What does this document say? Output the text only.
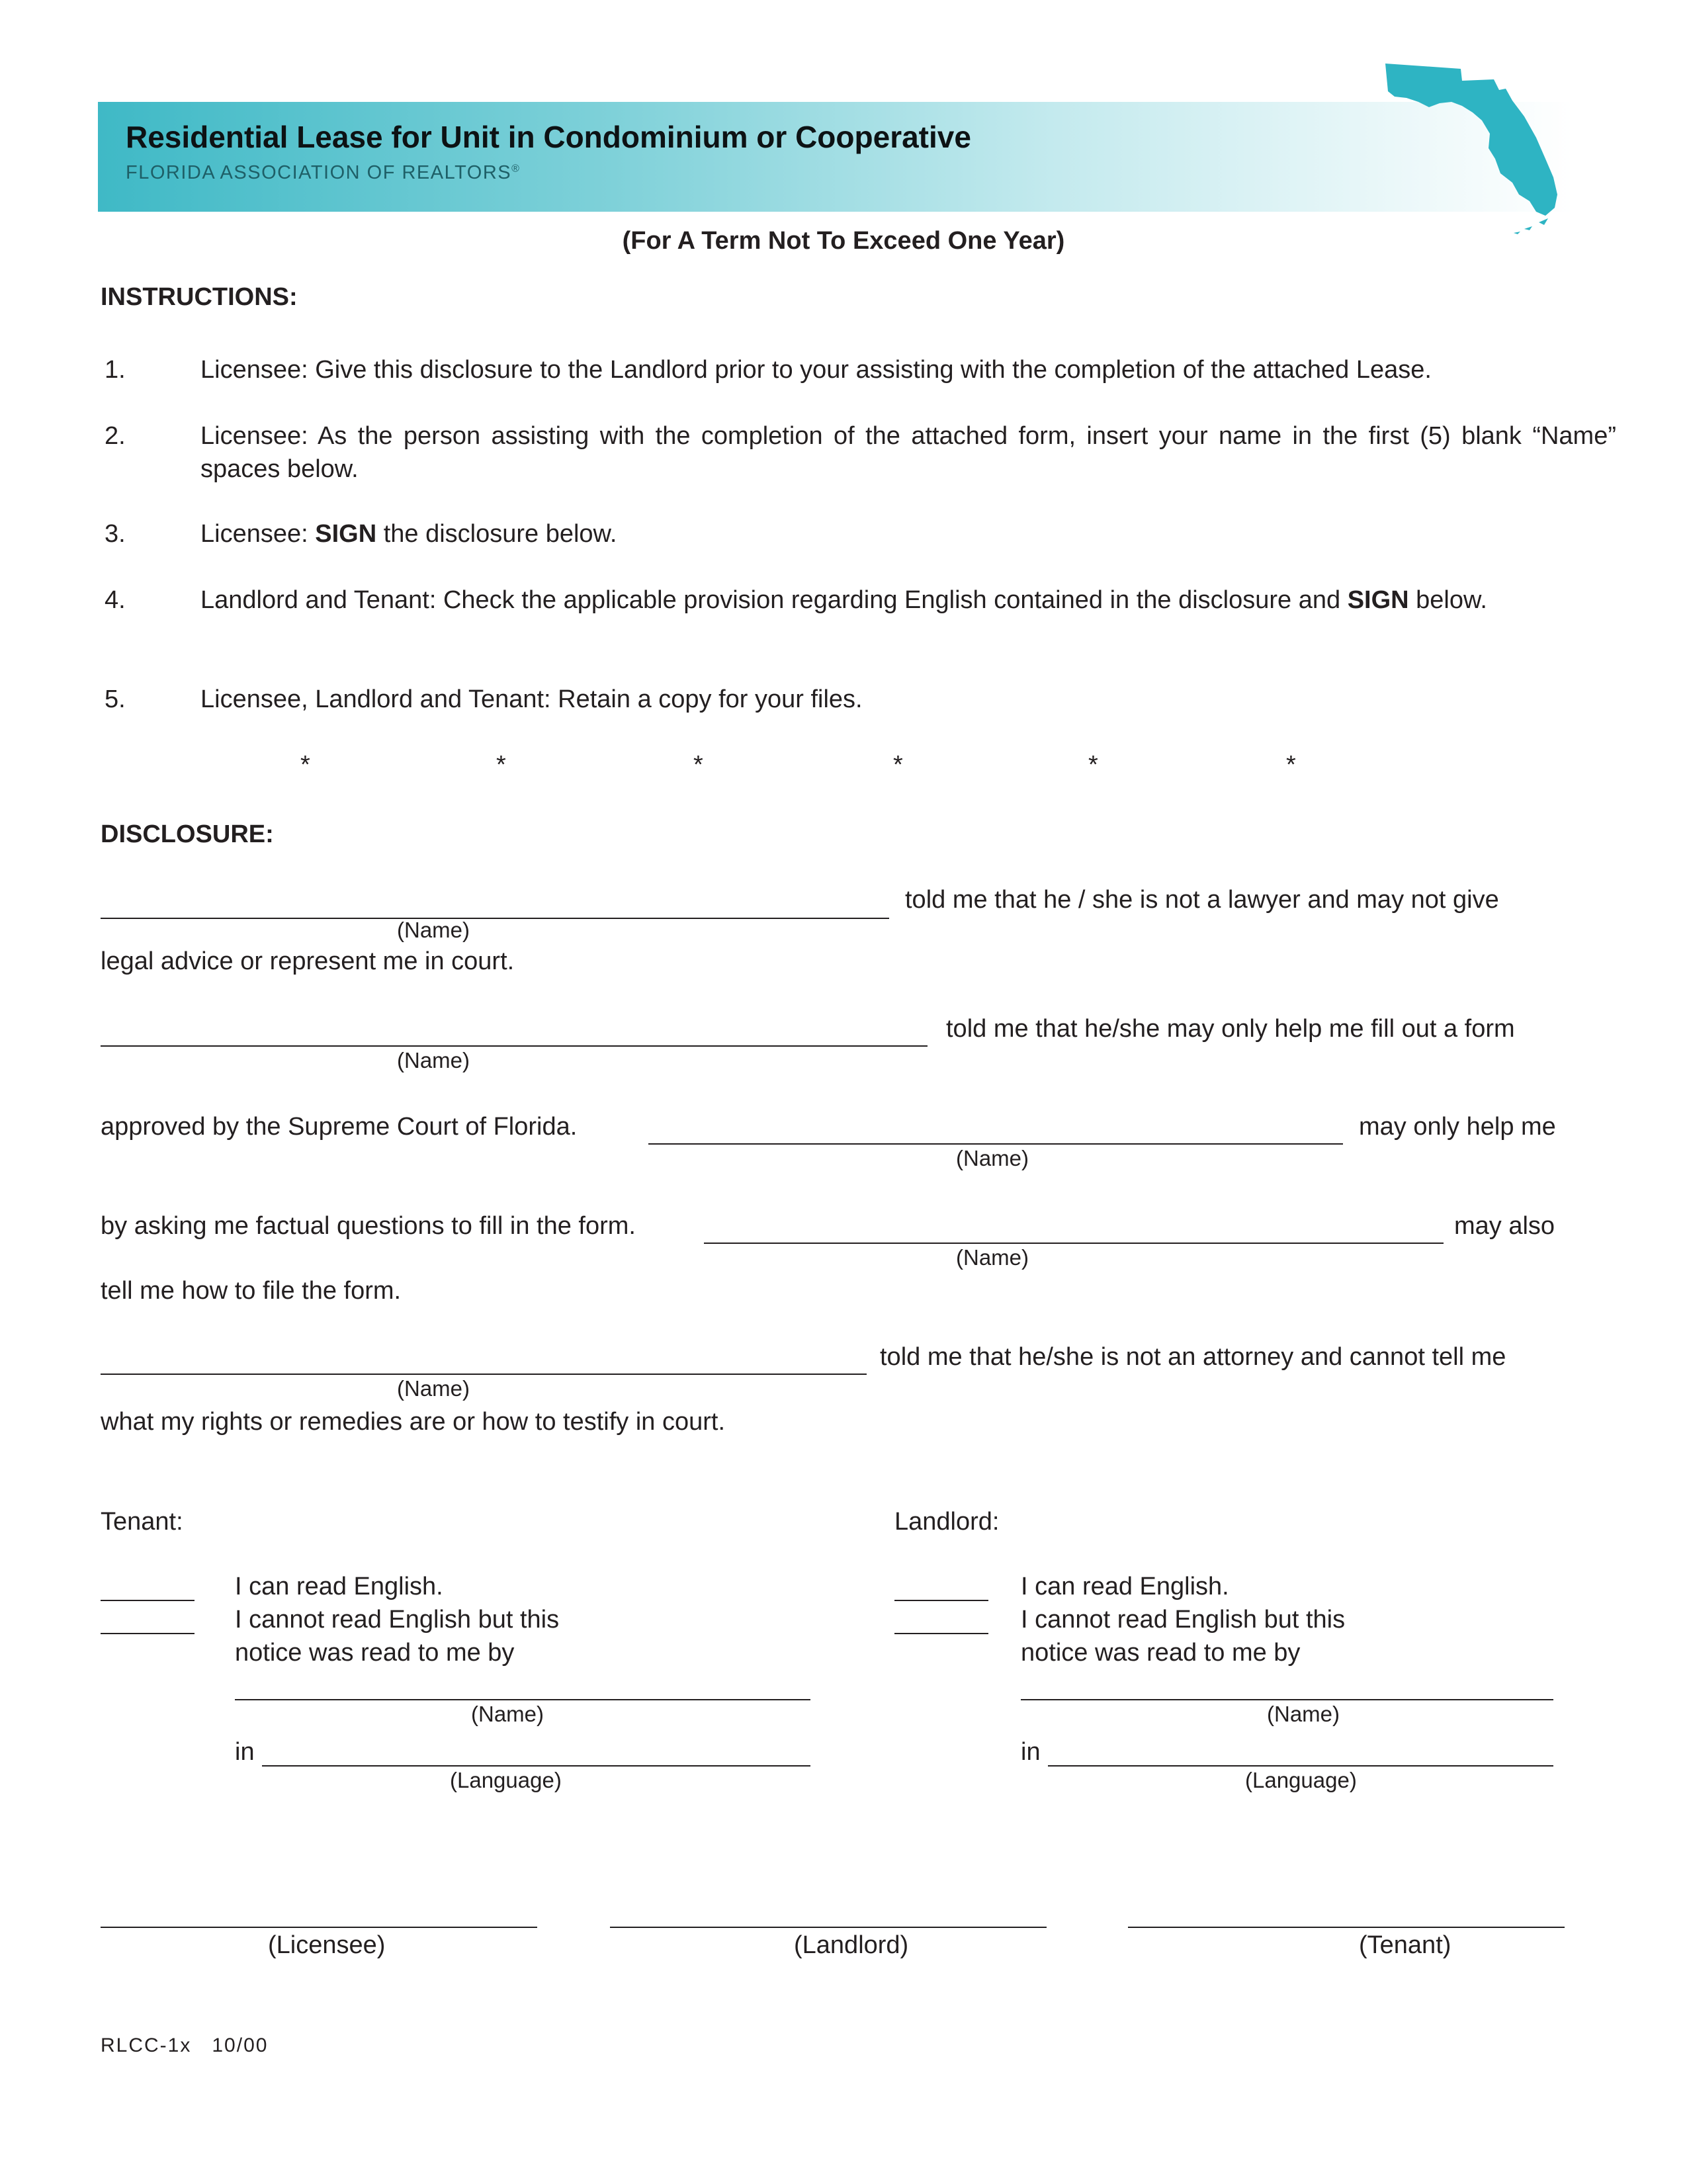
Residential Lease for Unit in Condominium or Cooperative
FLORIDA ASSOCIATION OF REALTORS®
(For A Term Not To Exceed One Year)
INSTRUCTIONS:
1.	Licensee: Give this disclosure to the Landlord prior to your assisting with the completion of the attached Lease.
2.	Licensee: As the person assisting with the completion of the attached form, insert your name in the first (5) blank “Name” spaces below.
3.	Licensee: SIGN the disclosure below.
4.	Landlord and Tenant: Check the applicable provision regarding English contained in the disclosure and SIGN below.
5.	Licensee, Landlord and Tenant: Retain a copy for your files.
*	*	*	*	*	*
DISCLOSURE:
told me that he / she is not a lawyer and may not give
(Name)
legal advice or represent me in court.
told me that he/she may only help me fill out a form
(Name)
approved by the Supreme Court of Florida.	may only help me
(Name)
by asking me factual questions to fill in the form.	may also
(Name)
tell me how to file the form.
told me that he/she is not an attorney and cannot tell me
(Name)
what my rights or remedies are or how to testify in court.
Tenant:
I can read English.
I cannot read English but this
notice was read to me by
(Name)
in
(Language)
Landlord:
I can read English.
I cannot read English but this
notice was read to me by
(Name)
in
(Language)
(Licensee)	(Landlord)	(Tenant)
RLCC-1x   10/00
